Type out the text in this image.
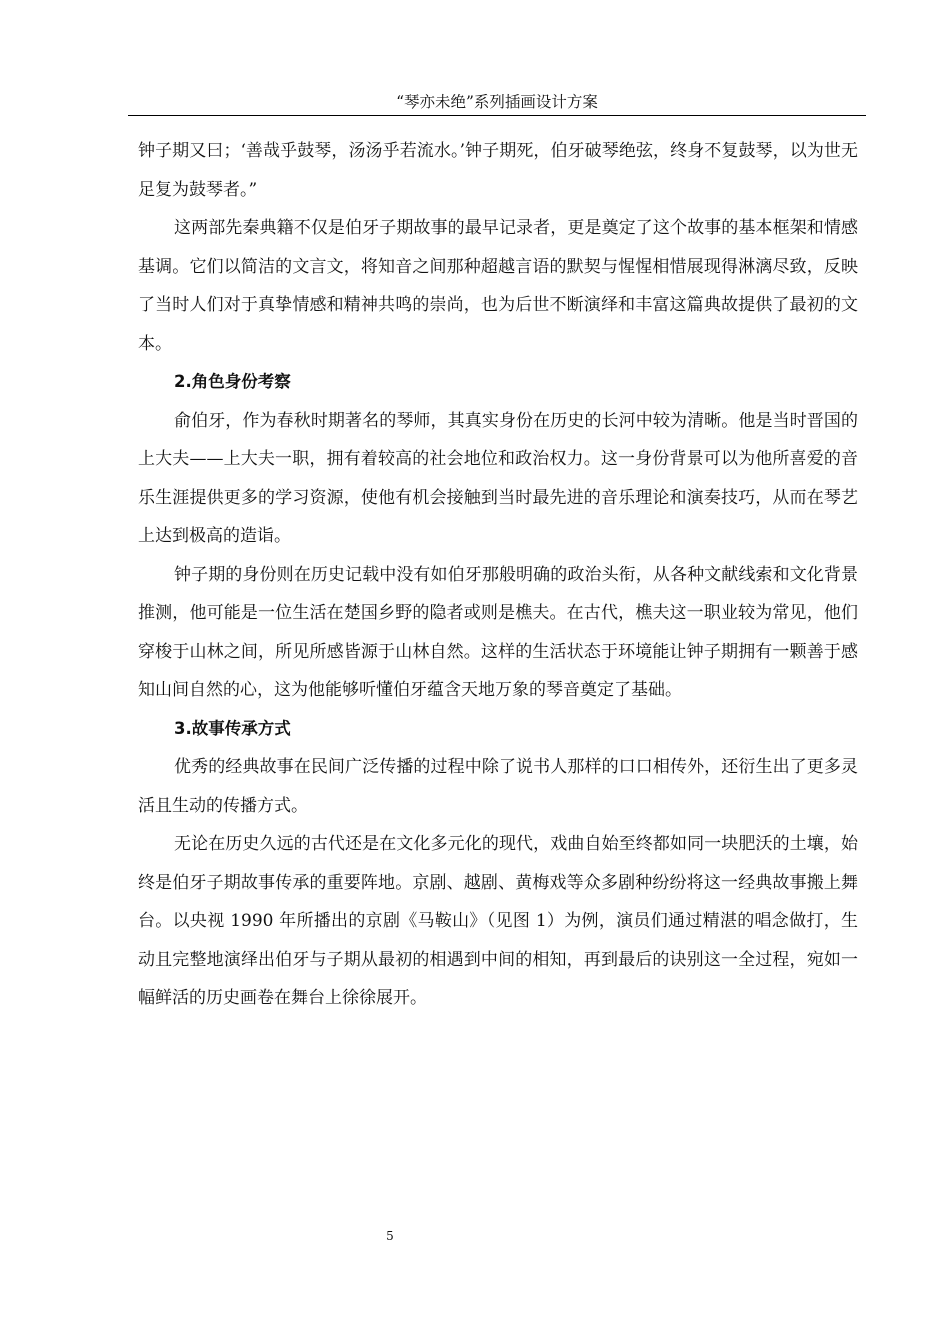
“琴亦未绝”系列插画设计方案

钟子期又曰；‘善哉乎鼓琴，汤汤乎若流水。’钟子期死，伯牙破琴绝弦，终身不复鼓琴，以为世无足复为鼓琴者。”

这两部先秦典籍不仅是伯牙子期故事的最早记录者，更是奠定了这个故事的基本框架和情感基调。它们以简洁的文言文，将知音之间那种超越言语的默契与惺惺相惜展现得淋漓尽致，反映了当时人们对于真挚情感和精神共鸣的崇尚，也为后世不断演绎和丰富这篇典故提供了最初的文本。

2.角色身份考察

俞伯牙，作为春秋时期著名的琴师，其真实身份在历史的长河中较为清晰。他是当时晋国的上大夫——上大夫一职，拥有着较高的社会地位和政治权力。这一身份背景可以为他所喜爱的音乐生涯提供更多的学习资源，使他有机会接触到当时最先进的音乐理论和演奏技巧，从而在琴艺上达到极高的造诣。

钟子期的身份则在历史记载中没有如伯牙那般明确的政治头衔，从各种文献线索和文化背景推测，他可能是一位生活在楚国乡野的隐者或则是樵夫。在古代，樵夫这一职业较为常见，他们穿梭于山林之间，所见所感皆源于山林自然。这样的生活状态于环境能让钟子期拥有一颗善于感知山间自然的心，这为他能够听懂伯牙蕴含天地万象的琴音奠定了基础。

3.故事传承方式

优秀的经典故事在民间广泛传播的过程中除了说书人那样的口口相传外，还衍生出了更多灵活且生动的传播方式。

无论在历史久远的古代还是在文化多元化的现代，戏曲自始至终都如同一块肥沃的土壤，始终是伯牙子期故事传承的重要阵地。京剧、越剧、黄梅戏等众多剧种纷纷将这一经典故事搬上舞台。以央视 1990 年所播出的京剧《马鞍山》（见图 1）为例，演员们通过精湛的唱念做打，生动且完整地演绎出伯牙与子期从最初的相遇到中间的相知，再到最后的诀别这一全过程，宛如一幅鲜活的历史画卷在舞台上徐徐展开。

5
